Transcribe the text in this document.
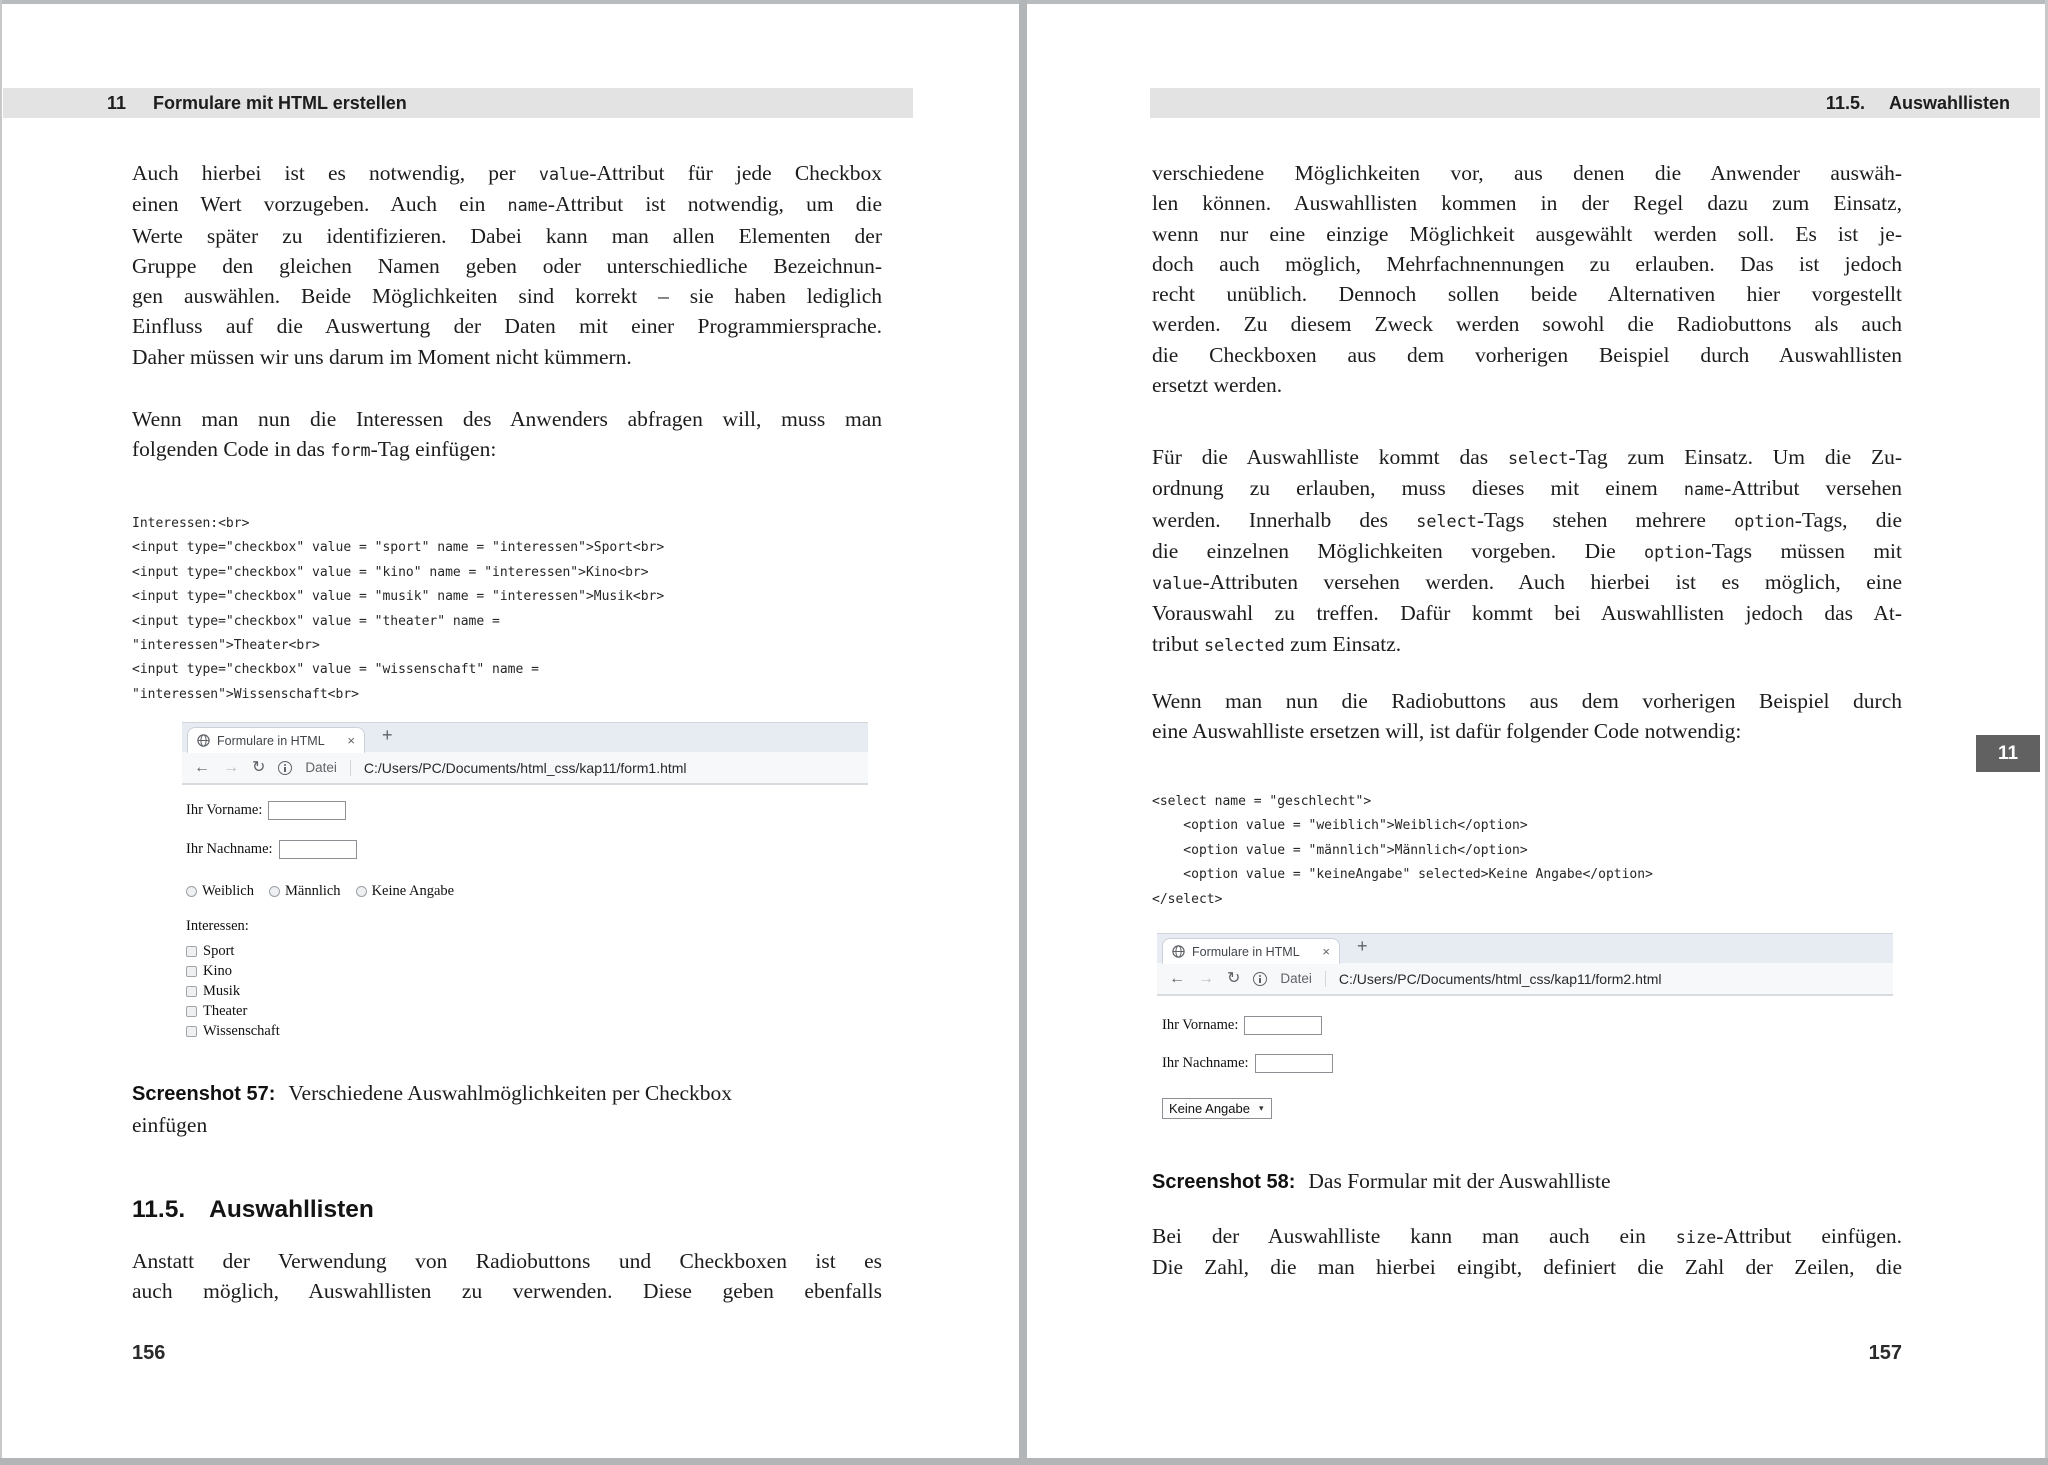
11 Formulare mit HTML erstellen
Auch hierbei ist es notwendig, per value-Attribut für jede Checkbox
einen Wert vorzugeben. Auch ein name-Attribut ist notwendig, um die
Werte später zu identifizieren. Dabei kann man allen Elementen der
Gruppe den gleichen Namen geben oder unterschiedliche Bezeichnun-
gen auswählen. Beide Möglichkeiten sind korrekt – sie haben lediglich
Einfluss auf die Auswertung der Daten mit einer Programmiersprache.
Daher müssen wir uns darum im Moment nicht kümmern.
Wenn man nun die Interessen des Anwenders abfragen will, muss man
folgenden Code in das form-Tag einfügen:
Interessen:<br>
<input type="checkbox" value = "sport" name = "interessen">Sport<br>
<input type="checkbox" value = "kino" name = "interessen">Kino<br>
<input type="checkbox" value = "musik" name = "interessen">Musik<br>
<input type="checkbox" value = "theater" name =
"interessen">Theater<br>
<input type="checkbox" value = "wissenschaft" name =
"interessen">Wissenschaft<br>
Formulare in HTML	× +
← → ↻	Datei C:/Users/PC/Documents/html_css/kap11/form1.html
Ihr Vorname:
Ihr Nachname:
Weiblich Männlich Keine Angabe
Interessen:
Sport
Kino
Musik
Theater
Wissenschaft
Screenshot 57: Verschiedene Auswahlmöglichkeiten per Checkbox
einfügen
11.5. Auswahllisten
Anstatt der Verwendung von Radiobuttons und Checkboxen ist es
auch möglich, Auswahllisten zu verwenden. Diese geben ebenfalls
156
11.5. Auswahllisten
verschiedene Möglichkeiten vor, aus denen die Anwender auswäh-
len können. Auswahllisten kommen in der Regel dazu zum Einsatz,
wenn nur eine einzige Möglichkeit ausgewählt werden soll. Es ist je-
doch auch möglich, Mehrfachnennungen zu erlauben. Das ist jedoch
recht unüblich. Dennoch sollen beide Alternativen hier vorgestellt
werden. Zu diesem Zweck werden sowohl die Radiobuttons als auch
die Checkboxen aus dem vorherigen Beispiel durch Auswahllisten
ersetzt werden.
Für die Auswahlliste kommt das select-Tag zum Einsatz. Um die Zu-
ordnung zu erlauben, muss dieses mit einem name-Attribut versehen
werden. Innerhalb des select-Tags stehen mehrere option-Tags, die
die einzelnen Möglichkeiten vorgeben. Die option-Tags müssen mit
value-Attributen versehen werden. Auch hierbei ist es möglich, eine
Vorauswahl zu treffen. Dafür kommt bei Auswahllisten jedoch das At-
tribut selected zum Einsatz.
Wenn man nun die Radiobuttons aus dem vorherigen Beispiel durch
eine Auswahlliste ersetzen will, ist dafür folgender Code notwendig:
<select name = "geschlecht">
<option value = "weiblich">Weiblich</option>
<option value = "männlich">Männlich</option>
<option value = "keineAngabe" selected>Keine Angabe</option>
</select>
Formulare in HTML	× +
← → ↻	Datei C:/Users/PC/Documents/html_css/kap11/form2.html
Ihr Vorname:
Ihr Nachname:
Keine Angabe ▾
Screenshot 58: Das Formular mit der Auswahlliste
Bei der Auswahlliste kann man auch ein size-Attribut einfügen.
Die Zahl, die man hierbei eingibt, definiert die Zahl der Zeilen, die
157
11
